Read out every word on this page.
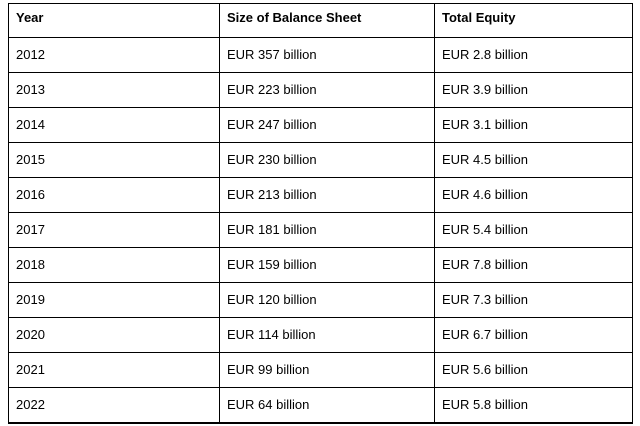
Year	Size of Balance Sheet	Total Equity
2012	EUR 357 billion	EUR 2.8 billion
2013	EUR 223 billion	EUR 3.9 billion
2014	EUR 247 billion	EUR 3.1 billion
2015	EUR 230 billion	EUR 4.5 billion
2016	EUR 213 billion	EUR 4.6 billion
2017	EUR 181 billion	EUR 5.4 billion
2018	EUR 159 billion	EUR 7.8 billion
2019	EUR 120 billion	EUR 7.3 billion
2020	EUR 114 billion	EUR 6.7 billion
2021	EUR 99 billion	EUR 5.6 billion
2022	EUR 64 billion	EUR 5.8 billion
